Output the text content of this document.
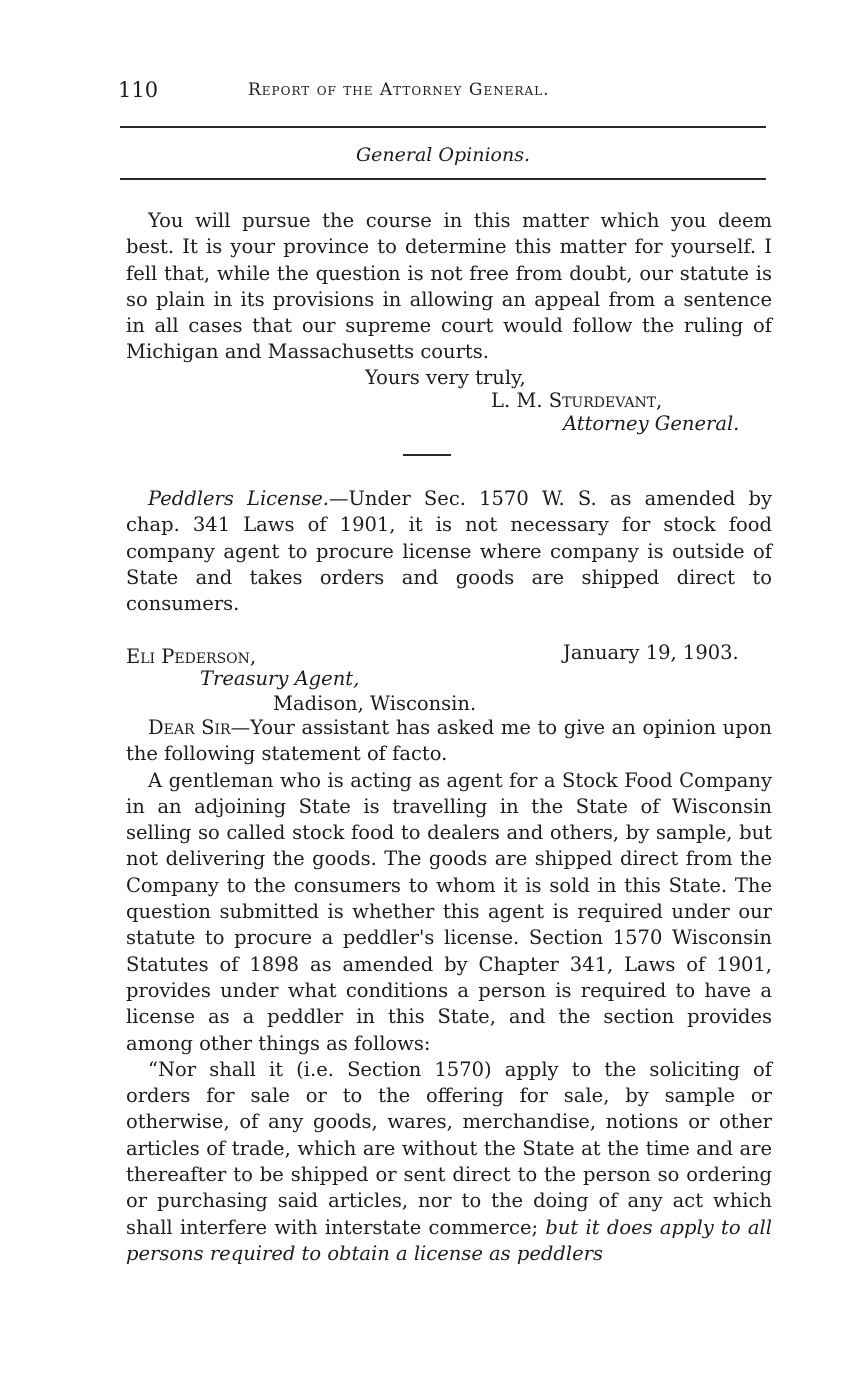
110	Report of the Attorney General.
General Opinions.

You will pursue the course in this matter which you deem best. It is your province to determine this matter for yourself. I fell that, while the question is not free from doubt, our statute is so plain in its provisions in allowing an appeal from a sentence in all cases that our supreme court would follow the ruling of Michigan and Massachusetts courts.

Yours very truly,
L. M. Sturdevant,
Attorney General.

Peddlers License.—Under Sec. 1570 W. S. as amended by chap. 341 Laws of 1901, it is not necessary for stock food company agent to procure license where company is outside of State and takes orders and goods are shipped direct to consumers.

Eli Pederson,	January 19, 1903.
Treasury Agent,
Madison, Wisconsin.

Dear Sir—Your assistant has asked me to give an opinion upon the following statement of facto.

A gentleman who is acting as agent for a Stock Food Company in an adjoining State is travelling in the State of Wisconsin selling so called stock food to dealers and others, by sample, but not delivering the goods. The goods are shipped direct from the Company to the consumers to whom it is sold in this State. The question submitted is whether this agent is required under our statute to procure a peddler's license. Section 1570 Wisconsin Statutes of 1898 as amended by Chapter 341, Laws of 1901, provides under what conditions a person is required to have a license as a peddler in this State, and the section provides among other things as follows:

“Nor shall it (i.e. Section 1570) apply to the soliciting of orders for sale or to the offering for sale, by sample or otherwise, of any goods, wares, merchandise, notions or other articles of trade, which are without the State at the time and are thereafter to be shipped or sent direct to the person so ordering or purchasing said articles, nor to the doing of any act which shall interfere with interstate commerce; but it does apply to all persons required to obtain a license as peddlers
